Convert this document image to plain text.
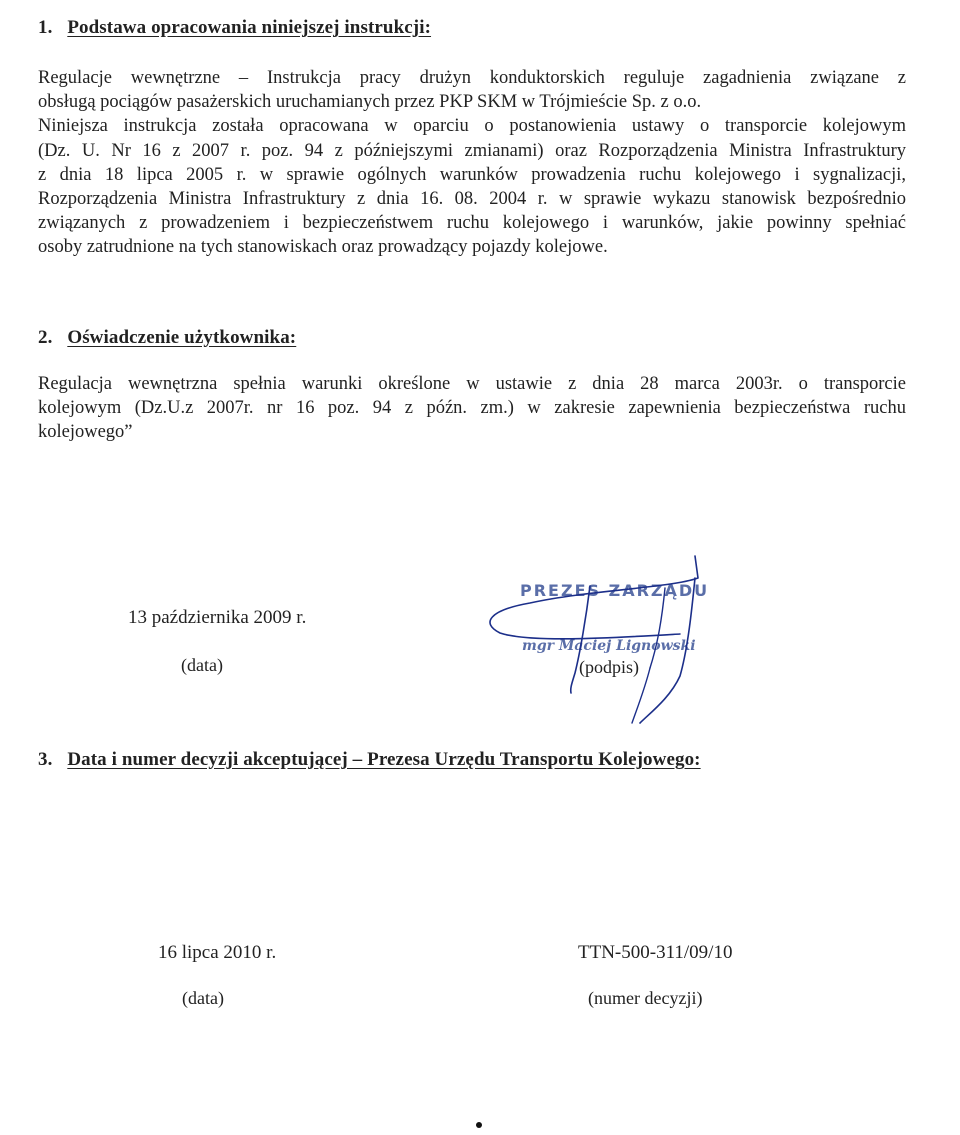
1. Podstawa opracowania niniejszej instrukcji:
Regulacje wewnętrzne – Instrukcja pracy drużyn konduktorskich reguluje zagadnienia związane z
obsługą pociągów pasażerskich uruchamianych przez PKP SKM w Trójmieście Sp. z o.o.
Niniejsza instrukcja została opracowana w oparciu o postanowienia ustawy o transporcie kolejowym
(Dz. U. Nr 16 z 2007 r. poz. 94 z późniejszymi zmianami) oraz Rozporządzenia Ministra Infrastruktury
z dnia 18 lipca 2005 r. w sprawie ogólnych warunków prowadzenia ruchu kolejowego i sygnalizacji,
Rozporządzenia Ministra Infrastruktury z dnia 16. 08. 2004 r. w sprawie wykazu stanowisk bezpośrednio
związanych z prowadzeniem i bezpieczeństwem ruchu kolejowego i warunków, jakie powinny spełniać
osoby zatrudnione na tych stanowiskach oraz prowadzący pojazdy kolejowe.
2. Oświadczenie użytkownika:
Regulacja wewnętrzna spełnia warunki określone w ustawie z dnia 28 marca 2003r. o transporcie
kolejowym (Dz.U.z 2007r. nr 16 poz. 94 z późn. zm.) w zakresie zapewnienia bezpieczeństwa ruchu
kolejowego”
13 października 2009 r.
(data)
PREZES ZARZĄDU
mgr Maciej Lignowski
(podpis)
3. Data i numer decyzji akceptującej – Prezesa Urzędu Transportu Kolejowego:
16 lipca 2010 r.
(data)
TTN-500-311/09/10
(numer decyzji)
